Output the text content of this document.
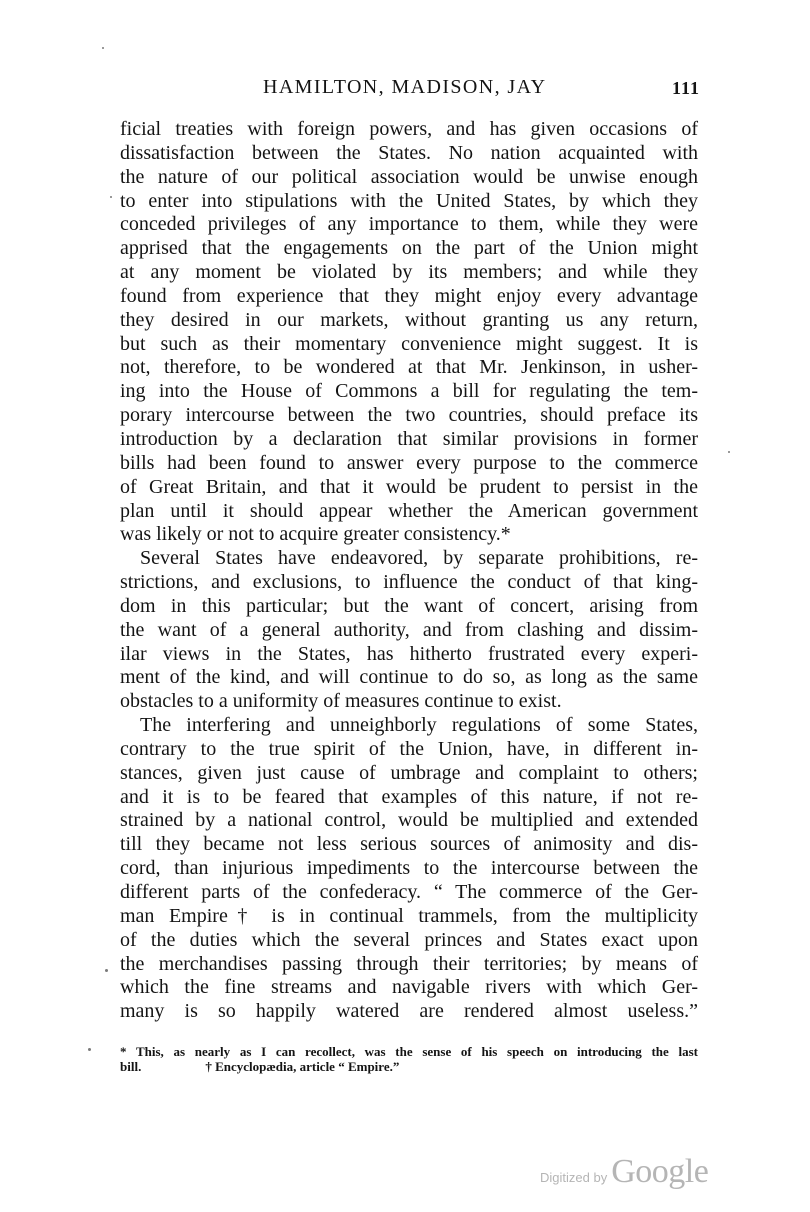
HAMILTON, MADISON, JAY	111
ficial treaties with foreign powers, and has given occasions of
dissatisfaction between the States. No nation acquainted with
the nature of our political association would be unwise enough
to enter into stipulations with the United States, by which they
conceded privileges of any importance to them, while they were
apprised that the engagements on the part of the Union might
at any moment be violated by its members; and while they
found from experience that they might enjoy every advantage
they desired in our markets, without granting us any return,
but such as their momentary convenience might suggest. It is
not, therefore, to be wondered at that Mr. Jenkinson, in usher-
ing into the House of Commons a bill for regulating the tem-
porary intercourse between the two countries, should preface its
introduction by a declaration that similar provisions in former
bills had been found to answer every purpose to the commerce
of Great Britain, and that it would be prudent to persist in the
plan until it should appear whether the American government
was likely or not to acquire greater consistency.*
Several States have endeavored, by separate prohibitions, re-
strictions, and exclusions, to influence the conduct of that king-
dom in this particular; but the want of concert, arising from
the want of a general authority, and from clashing and dissim-
ilar views in the States, has hitherto frustrated every experi-
ment of the kind, and will continue to do so, as long as the same
obstacles to a uniformity of measures continue to exist.
The interfering and unneighborly regulations of some States,
contrary to the true spirit of the Union, have, in different in-
stances, given just cause of umbrage and complaint to others;
and it is to be feared that examples of this nature, if not re-
strained by a national control, would be multiplied and extended
till they became not less serious sources of animosity and dis-
cord, than injurious impediments to the intercourse between the
different parts of the confederacy. “ The commerce of the Ger-
man Empire† is in continual trammels, from the multiplicity
of the duties which the several princes and States exact upon
the merchandises passing through their territories; by means of
which the fine streams and navigable rivers with which Ger-
many is so happily watered are rendered almost useless.”
* This, as nearly as I can recollect, was the sense of his speech on introducing the last
bill.	† Encyclopædia, article “ Empire.”
Digitized by Google
